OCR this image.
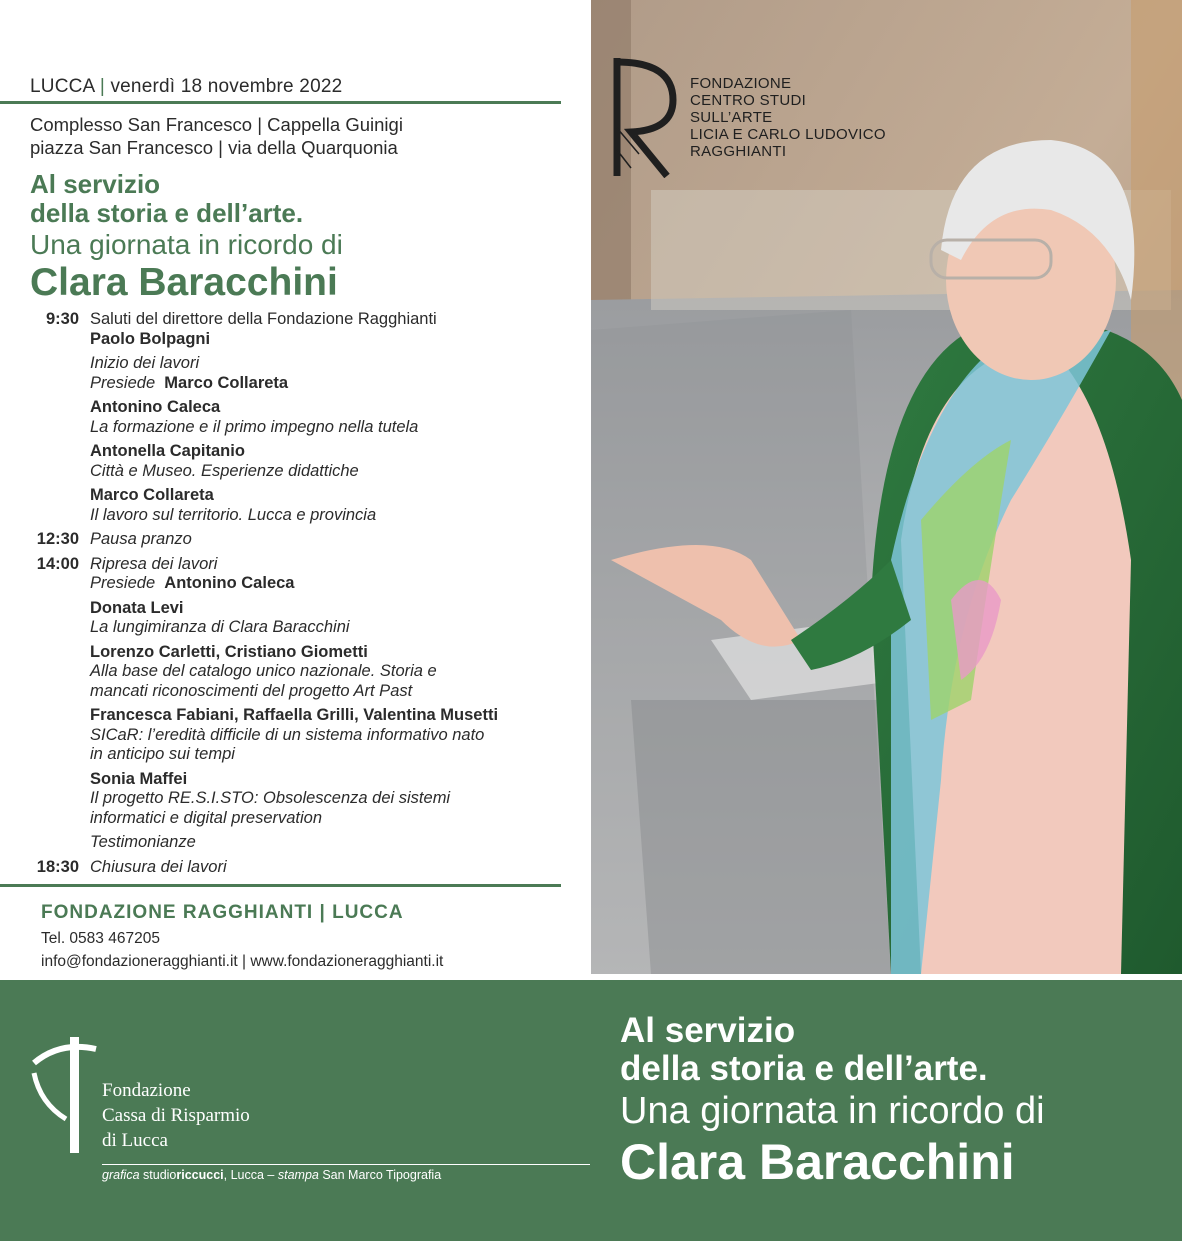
LUCCA | venerdì 18 novembre 2022
Complesso San Francesco | Cappella Guinigi
piazza San Francesco | via della Quarquonia
Al servizio
della storia e dell’arte.
Una giornata in ricordo di
Clara Baracchini
9:30 Saluti del direttore della Fondazione Ragghianti
Paolo Bolpagni
Inizio dei lavori
Presiede Marco Collareta
Antonino Caleca
La formazione e il primo impegno nella tutela
Antonella Capitanio
Città e Museo. Esperienze didattiche
Marco Collareta
Il lavoro sul territorio. Lucca e provincia
12:30 Pausa pranzo
14:00 Ripresa dei lavori
Presiede Antonino Caleca
Donata Levi
La lungimiranza di Clara Baracchini
Lorenzo Carletti, Cristiano Giometti
Alla base del catalogo unico nazionale. Storia e
mancati riconoscimenti del progetto Art Past
Francesca Fabiani, Raffaella Grilli, Valentina Musetti
SICaR: l’eredità difficile di un sistema informativo nato
in anticipo sui tempi
Sonia Maffei
Il progetto RE.S.I.STO: Obsolescenza dei sistemi
informatici e digital preservation
Testimonianze
18:30 Chiusura dei lavori
FONDAZIONE RAGGHIANTI | LUCCA
Tel. 0583 467205
info@fondazioneragghianti.it | www.fondazioneragghianti.it
FONDAZIONE
CENTRO STUDI
SULL’ARTE
LICIA E CARLO LUDOVICO
RAGGHIANTI
Fondazione
Cassa di Risparmio
di Lucca
grafica studioriccucci, Lucca – stampa San Marco Tipografia
Al servizio
della storia e dell’arte.
Una giornata in ricordo di
Clara Baracchini
